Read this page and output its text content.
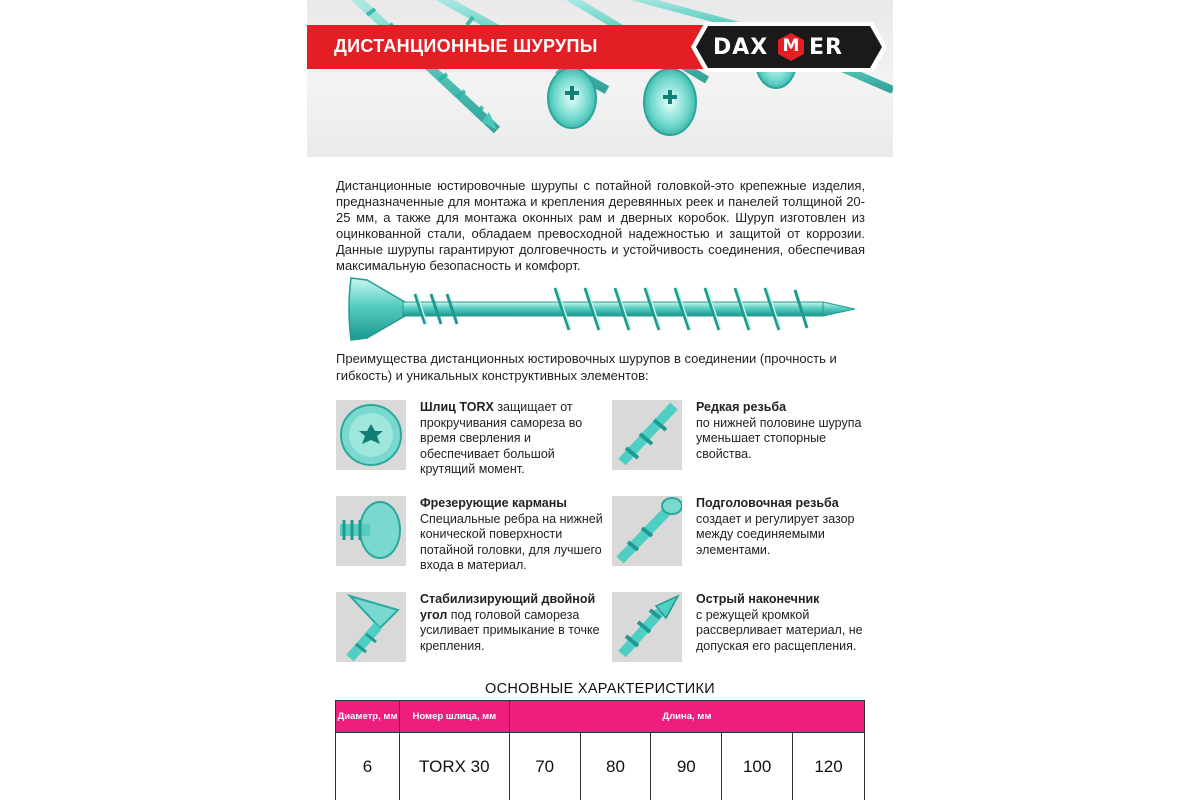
ДИСТАНЦИОННЫЕ ШУРУПЫ	DAX M ER

Дистанционные юстировочные шурупы с потайной головкой-это крепежные изделия, предназначенные для монтажа и крепления деревянных реек и панелей толщиной 20-25 мм, а также для монтажа оконных рам и дверных коробок. Шуруп изготовлен из оцинкованной стали, обладаем превосходной надежностью и защитой от коррозии. Данные шурупы гарантируют долговечность и устойчивость соединения, обеспечивая максимальную безопасность и комфорт.

Преимущества дистанционных юстировочных шурупов в соединении (прочность и гибкость) и уникальных конструктивных элементов:

Шлиц TORX защищает от прокручивания самореза во время сверления и обеспечивает большой крутящий момент.
Редкая резьба
по нижней половине шурупа уменьшает стопорные свойства.
Фрезерующие карманы
Специальные ребра на нижней конической поверхности потайной головки, для лучшего входа в материал.
Подголовочная резьба
создает и регулирует зазор между соединяемыми элементами.
Стабилизирующий двойной угол под головой самореза усиливает примыкание в точке крепления.
Острый наконечник
с режущей кромкой рассверливает материал, не допуская его расщепления.
ОСНОВНЫЕ ХАРАКТЕРИСТИКИ
Диаметр, мм	Номер шлица, мм	Длина, мм				
6	TORX 30	70	80	90	100	120
